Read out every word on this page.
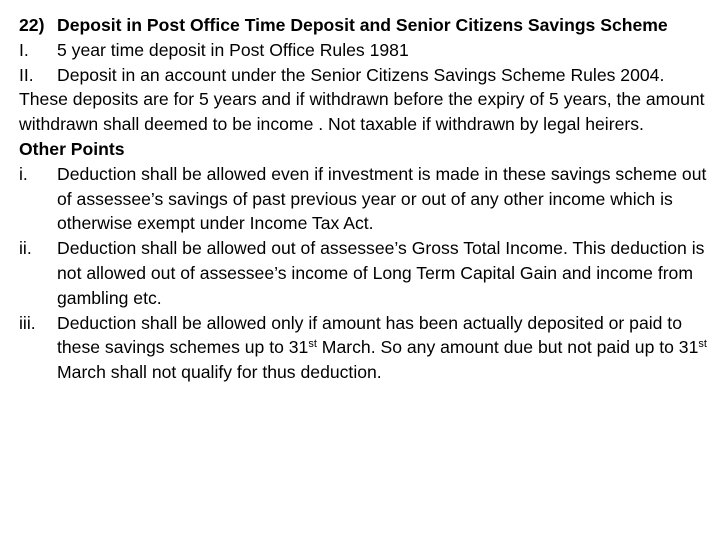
22) Deposit in Post Office Time Deposit and Senior Citizens Savings Scheme
I.	5 year time deposit in Post Office Rules 1981
II.	Deposit in an account under the Senior Citizens Savings Scheme Rules 2004.
These deposits are for 5 years and if withdrawn before the expiry of 5 years, the amount withdrawn shall deemed to be income . Not taxable if withdrawn by legal heirers.
Other Points
i.	Deduction shall be allowed even if investment is made in these savings scheme out of assessee’s savings of past previous year or out of any other income which is otherwise exempt under Income Tax Act.
ii.	Deduction shall be allowed out of assessee’s Gross Total Income. This deduction is not allowed out of assessee’s income of Long Term Capital Gain and income from gambling etc.
iii.	Deduction shall be allowed only if amount has been actually deposited or paid to these savings schemes up to 31st March. So any amount due but not paid up to 31st March shall not qualify for thus deduction.
